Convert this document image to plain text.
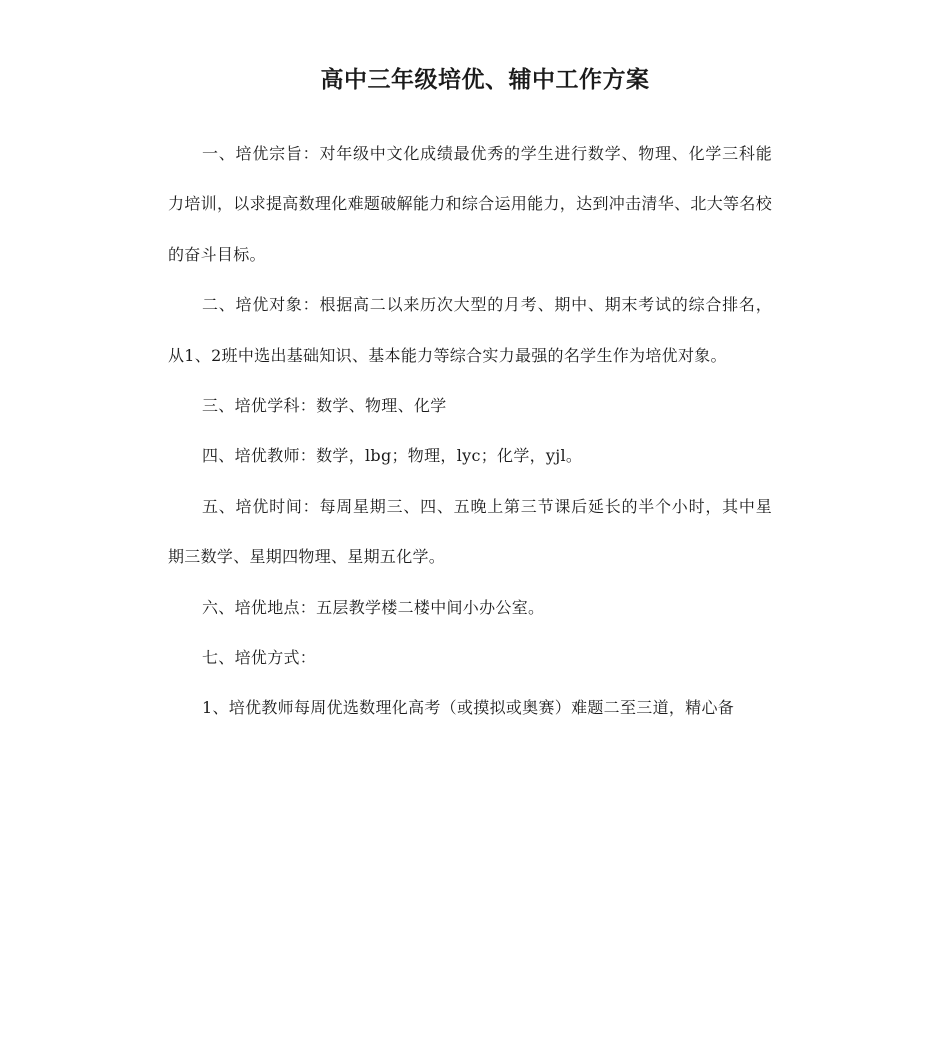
高中三年级培优、辅中工作方案

一、培优宗旨：对年级中文化成绩最优秀的学生进行数学、物理、化学三科能力培训，以求提高数理化难题破解能力和综合运用能力，达到冲击清华、北大等名校的奋斗目标。

二、培优对象：根据高二以来历次大型的月考、期中、期末考试的综合排名，从1、2班中选出基础知识、基本能力等综合实力最强的名学生作为培优对象。

三、培优学科：数学、物理、化学

四、培优教师：数学，lbg；物理，lyc；化学，yjl。

五、培优时间：每周星期三、四、五晚上第三节课后延长的半个小时，其中星期三数学、星期四物理、星期五化学。

六、培优地点：五层教学楼二楼中间小办公室。

七、培优方式：

1、培优教师每周优选数理化高考（或摸拟或奥赛）难题二至三道，精心备
